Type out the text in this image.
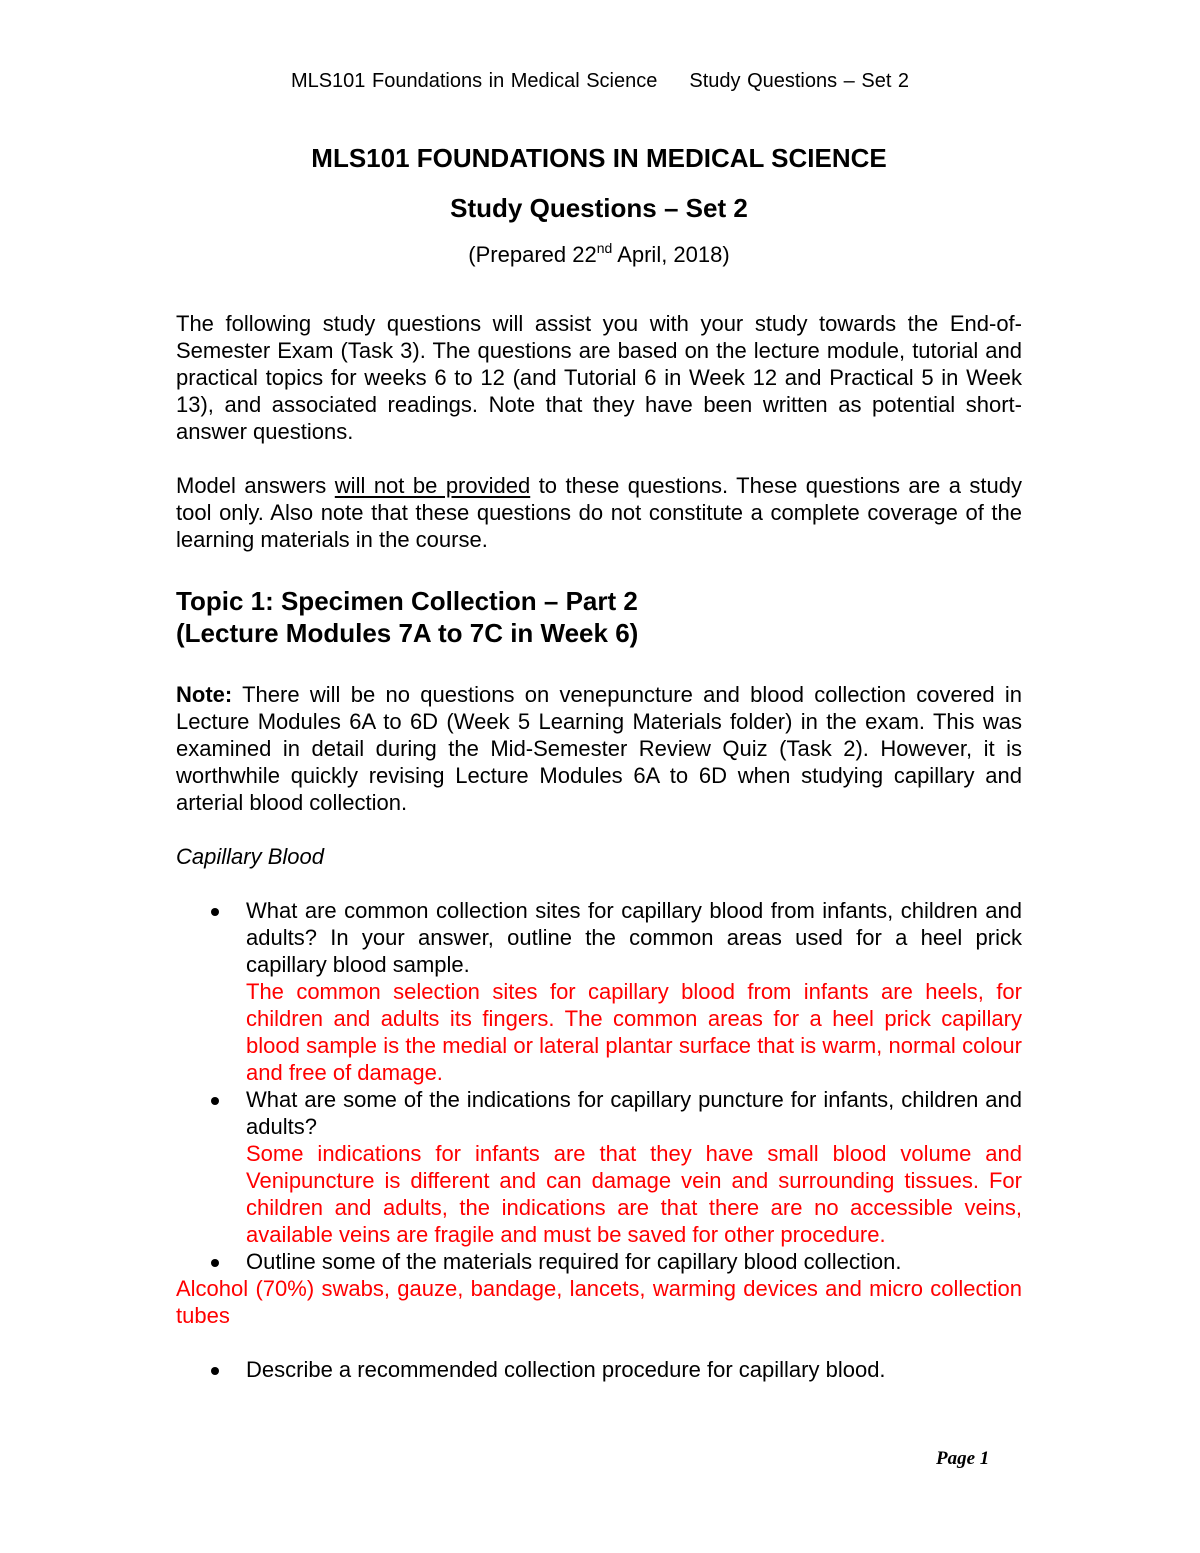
MLS101 Foundations in Medical Science Study Questions – Set 2
MLS101 FOUNDATIONS IN MEDICAL SCIENCE
Study Questions – Set 2
(Prepared 22nd April, 2018)

The following study questions will assist you with your study towards the End-of-Semester Exam (Task 3). The questions are based on the lecture module, tutorial and practical topics for weeks 6 to 12 (and Tutorial 6 in Week 12 and Practical 5 in Week 13), and associated readings. Note that they have been written as potential short-answer questions.

Model answers will not be provided to these questions. These questions are a study tool only. Also note that these questions do not constitute a complete coverage of the learning materials in the course.

Topic 1: Specimen Collection – Part 2
(Lecture Modules 7A to 7C in Week 6)

Note: There will be no questions on venepuncture and blood collection covered in Lecture Modules 6A to 6D (Week 5 Learning Materials folder) in the exam. This was examined in detail during the Mid-Semester Review Quiz (Task 2). However, it is worthwhile quickly revising Lecture Modules 6A to 6D when studying capillary and arterial blood collection.

Capillary Blood
What are common collection sites for capillary blood from infants, children and adults? In your answer, outline the common areas used for a heel prick capillary blood sample.
The common selection sites for capillary blood from infants are heels, for children and adults its fingers. The common areas for a heel prick capillary blood sample is the medial or lateral plantar surface that is warm, normal colour and free of damage.
What are some of the indications for capillary puncture for infants, children and adults?
Some indications for infants are that they have small blood volume and Venipuncture is different and can damage vein and surrounding tissues. For children and adults, the indications are that there are no accessible veins, available veins are fragile and must be saved for other procedure.
Outline some of the materials required for capillary blood collection.

Alcohol (70%) swabs, gauze, bandage, lancets, warming devices and micro collection tubes

Describe a recommended collection procedure for capillary blood.
Page 1
